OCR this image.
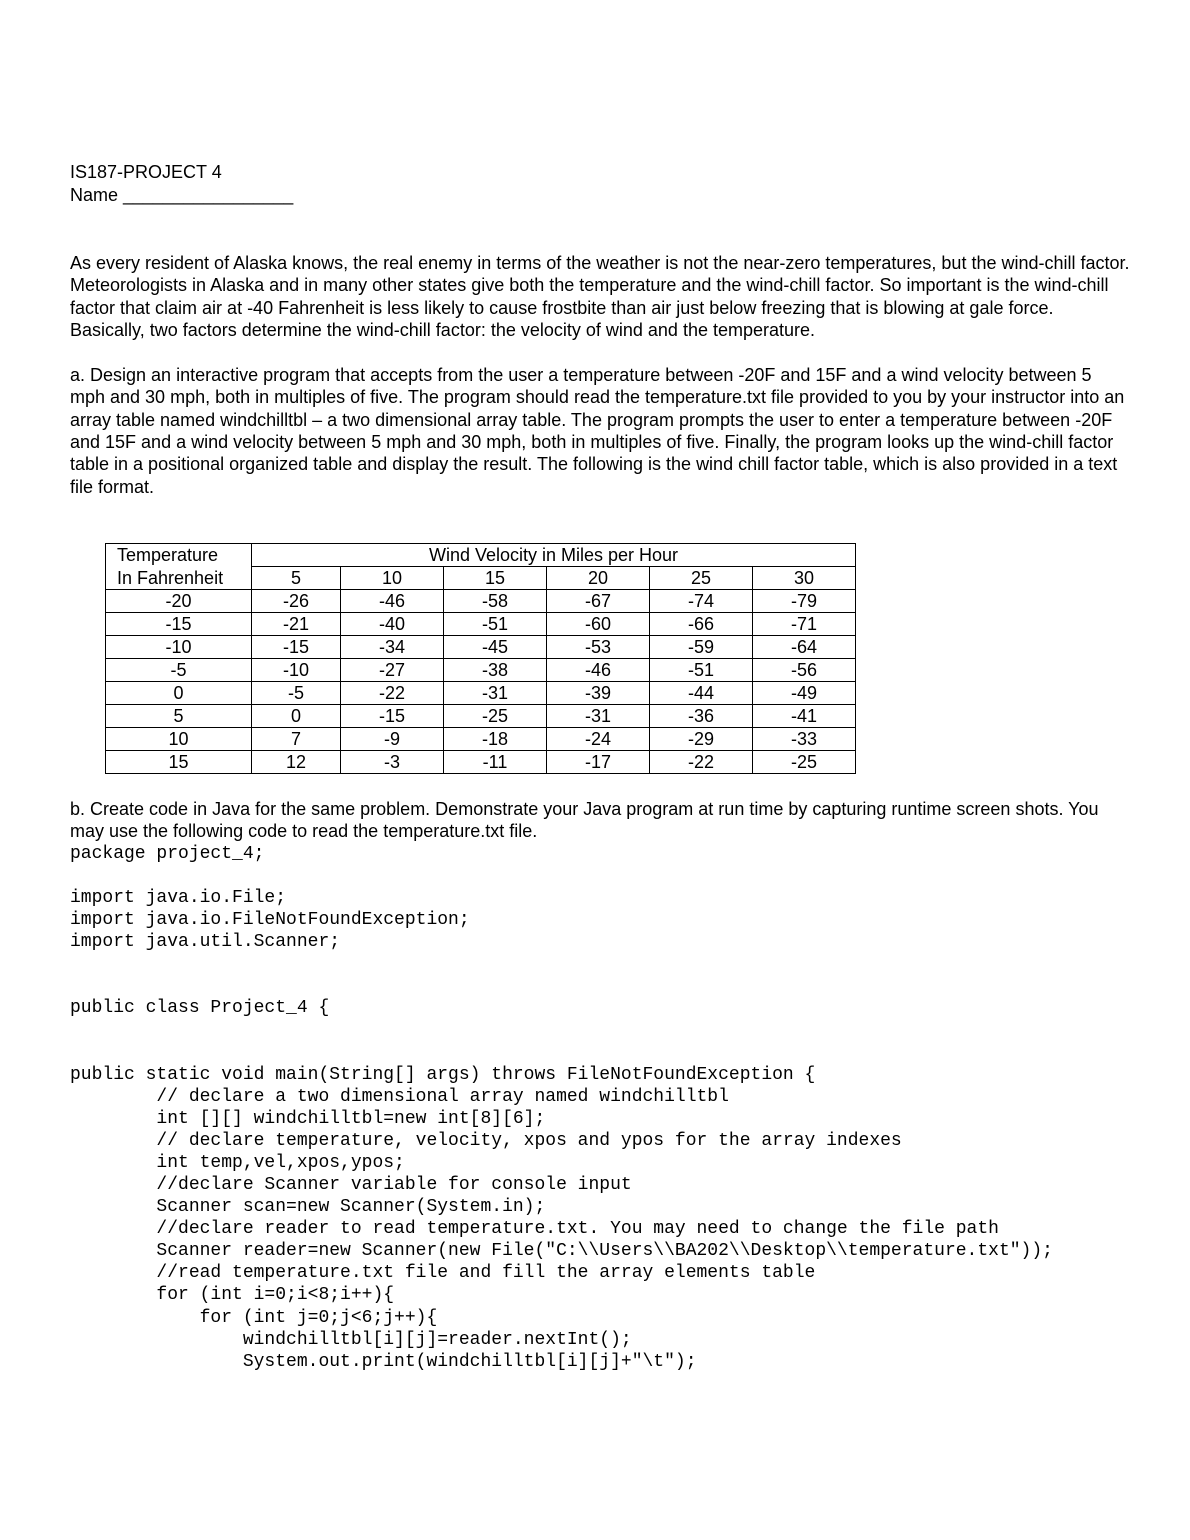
IS187-PROJECT 4
Name _________________

As every resident of Alaska knows, the real enemy in terms of the weather is not the near-zero temperatures, but the wind-chill factor. Meteorologists in Alaska and in many other states give both the temperature and the wind-chill factor. So important is the wind-chill factor that claim air at -40 Fahrenheit is less likely to cause frostbite than air just below freezing that is blowing at gale force. Basically, two factors determine the wind-chill factor: the velocity of wind and the temperature.

a. Design an interactive program that accepts from the user a temperature between -20F and 15F and a wind velocity between 5 mph and 30 mph, both in multiples of five. The program should read the temperature.txt file provided to you by your instructor into an array table named windchilltbl – a two dimensional array table. The program prompts the user to enter a temperature between -20F and 15F and a wind velocity between 5 mph and 30 mph, both in multiples of five. Finally, the program looks up the wind-chill factor table in a positional organized table and display the result. The following is the wind chill factor table, which is also provided in a text file format.

Temperature	Wind Velocity in Miles per Hour					
In Fahrenheit	5	10	15	20	25	30
-20	-26	-46	-58	-67	-74	-79
-15	-21	-40	-51	-60	-66	-71
-10	-15	-34	-45	-53	-59	-64
-5	-10	-27	-38	-46	-51	-56
0	-5	-22	-31	-39	-44	-49
5	0	-15	-25	-31	-36	-41
10	7	-9	-18	-24	-29	-33
15	12	-3	-11	-17	-22	-25

b. Create code in Java for the same problem. Demonstrate your Java program at run time by capturing runtime screen shots. You may use the following code to read the temperature.txt file.

package project_4;

import java.io.File;
import java.io.FileNotFoundException;
import java.util.Scanner;

public class Project_4 {

public static void main(String[] args) throws FileNotFoundException {
// declare a two dimensional array named windchilltbl
int [][] windchilltbl=new int[8][6];
// declare temperature, velocity, xpos and ypos for the array indexes
int temp,vel,xpos,ypos;
//declare Scanner variable for console input
Scanner scan=new Scanner(System.in);
//declare reader to read temperature.txt. You may need to change the file path
Scanner reader=new Scanner(new File("C:\\Users\\BA202\\Desktop\\temperature.txt"));
//read temperature.txt file and fill the array elements table
for (int i=0;i<8;i++){
for (int j=0;j<6;j++){
windchilltbl[i][j]=reader.nextInt();
System.out.print(windchilltbl[i][j]+"\t");
